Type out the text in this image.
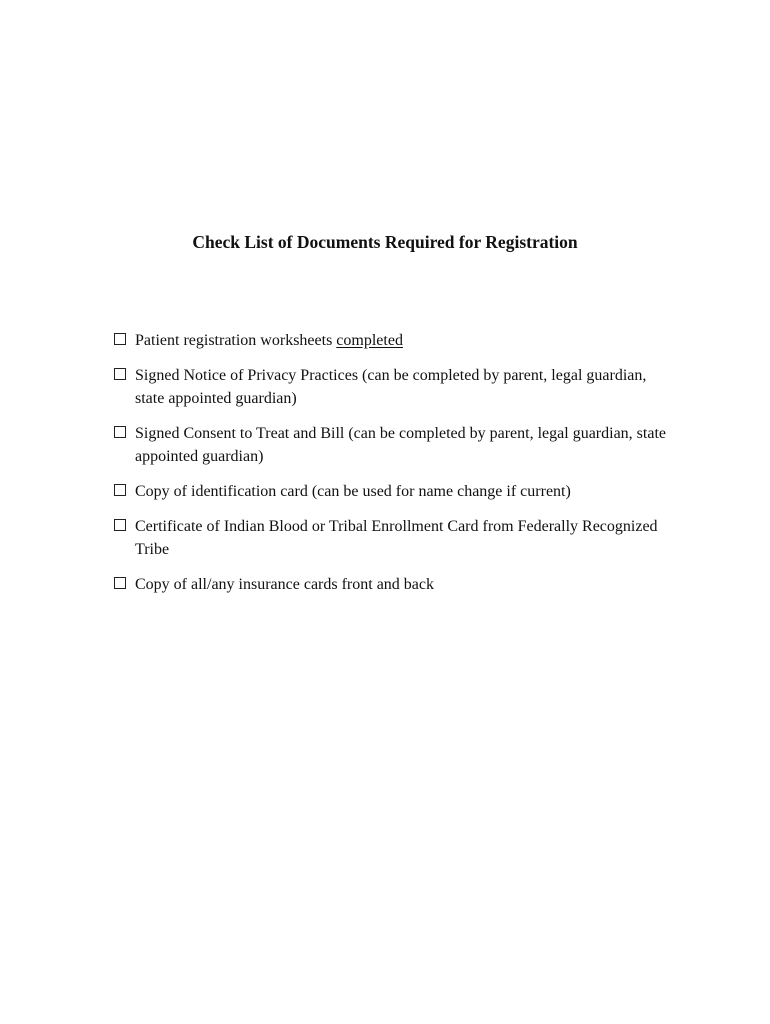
Check List of Documents Required for Registration
Patient registration worksheets completed
Signed Notice of Privacy Practices (can be completed by parent, legal guardian, state appointed guardian)
Signed Consent to Treat and Bill (can be completed by parent, legal guardian, state appointed guardian)
Copy of identification card (can be used for name change if current)
Certificate of Indian Blood or Tribal Enrollment Card from Federally Recognized Tribe
Copy of all/any insurance cards front and back
